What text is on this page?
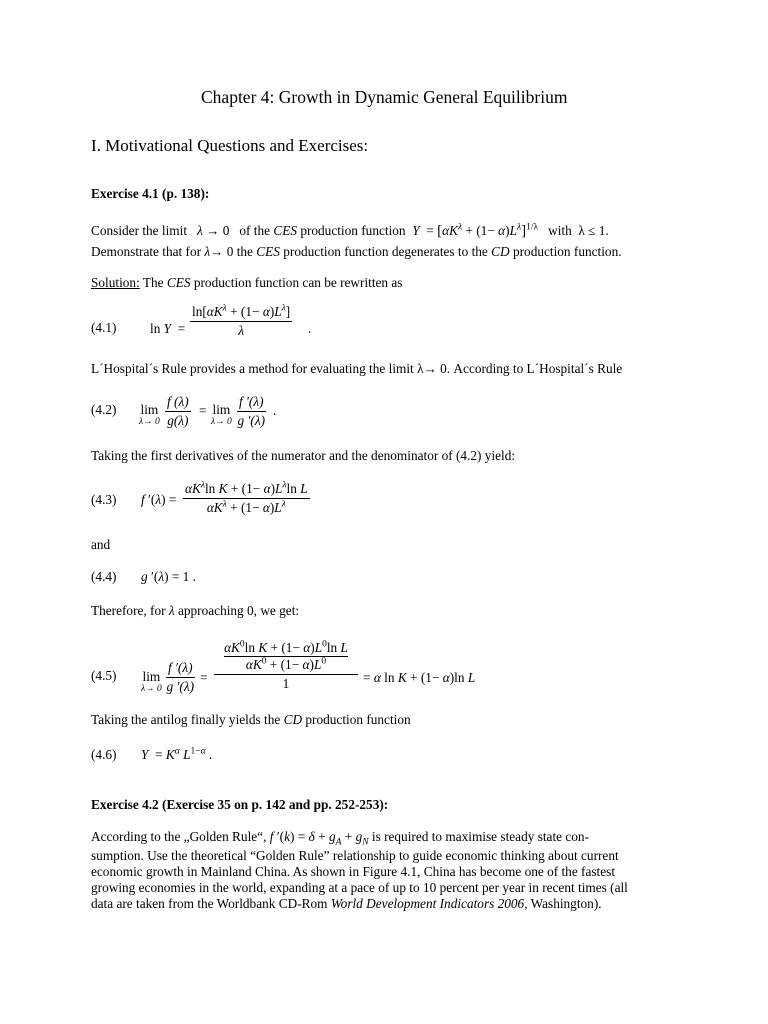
Chapter 4: Growth in Dynamic General Equilibrium
I. Motivational Questions and Exercises:
Exercise 4.1 (p. 138):
Consider the limit λ → 0   of the CES production function $Y = [\alpha K^\lambda + (1- \alpha)L^\lambda]^{1/\lambda}$ with λ ≤ 1.
Demonstrate that for λ→ 0 the CES production function degenerates to the CD production function.
Solution: The CES production function can be rewritten as
(4.1)	ln Y  =
$\ln[\alpha K^\lambda + (1- \alpha)L^\lambda]$
λ	.
L´Hospital´s Rule provides a method for evaluating the limit λ→ 0. According to L´Hospital´s Rule
(4.2) lim
$\lambda\to 0 \frac{f (\lambda)}{g(\lambda)} = \lim$
$\lambda\to 0 \frac{f '(\lambda)}{g '(\lambda)}$ .
Taking the first derivatives of the numerator and the denominator of (4.2) yield:
(4.3) f ′(λ) =
$\alpha K^\lambda\ln$ $K + (1- \alpha)L^\lambda\ln$ L
$\alpha K^\lambda + (1- \alpha)L^\lambda$
and
(4.4) g ′(λ) = 1 .
Therefore, for λ approaching 0, we get:
(4.5) lim
$\lambda\to 0 \frac{f '(\lambda)}{g '(\lambda)} = \frac{\frac{\alpha K^0\ln K + (1- \alpha)L^0\ln L}{\alpha K^0 + (1- \alpha)L^0}}{1} = \alpha$ ln K + (1− α)ln L
Taking the antilog finally yields the CD production function
(4.6) $Y = K^\alpha$ $L^{1-\alpha}$ .
Exercise 4.2 (Exercise 35 on p. 142 and pp. 252-253):
According to the „Golden Rule“, f $'(k) = \delta + g_A + g_N$ is required to maximise steady state con-
sumption. Use the theoretical “Golden Rule” relationship to guide economic thinking about current
economic growth in Mainland China. As shown in Figure 4.1, China has become one of the fastest
growing economies in the world, expanding at a pace of up to 10 percent per year in recent times (all
data are taken from the Worldbank CD-Rom World Development Indicators 2006, Washington).
